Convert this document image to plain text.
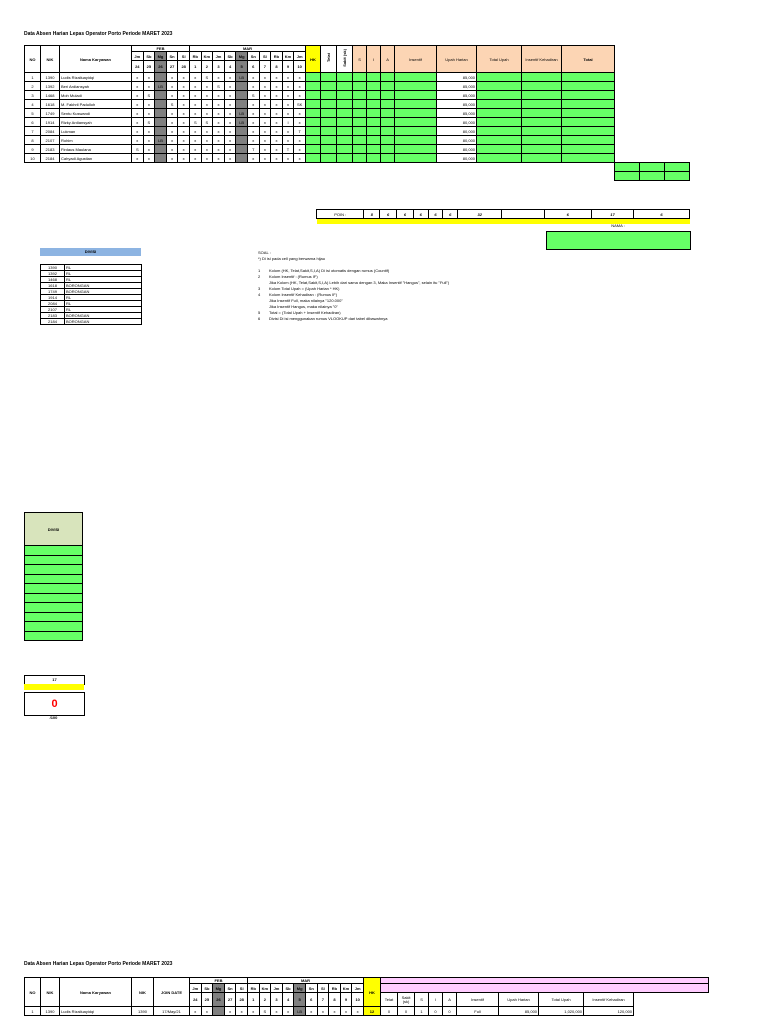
Data Absen Harian Lepas Operator Porto Periode MARET 2023
NO	NIK	Nama Karyawan	FEB					MAR										HK	Telat	Sakit (sk)	S	I	A	Insentif	Upah Harian	Total Upah	Insentif Kehadiran	Total			
			Jm	Sb	Mg	Sn	Sl	Rb	Km	Jm	Sb	Mg	Sn	Sl	Rb	Km	Jm														
			24	25	26	27	28	1	2	3	4	5	6	7	8	9	10														
1	1390	Ludis Rizaliuayidqi	x	x		x	x	x	S	x	x	LB	x	x	x	x	x								85,000						
2	1392	Beri Ardiansyah	x	x	LB	x	x	x	x	S	x		x	x	x	x	x								85,000						
3	1468	Moh Muladi	x	S		x	x	x	x	x	x		S	x	x	x	x								85,000						
4	1618	M. Fakhril Padulloh	x	x		S	x	x	x	x	x		x	x	x	x	SK								85,000						
5	1749	Sentu Kuswandi	x	x		x	x	x	x	x	x	LB	x	x	x	x	x								85,000						
6	1914	Rizky Ardiansyah	x	S		x	x	S	S	x	x	LB	x	x	x	I	x								80,000						
7	2084	Lukman	x	x		x	x	x	x	x	x		x	x	x	x	T								80,000						
8	2107	Rohim	x	x	LB	x	x	x	x	x	x		x	x	x	x	x								80,000						
9	2183	Firdaus Maulana	S	x		x	x	x	x	x	x		T	x	x	T	x								80,000						
10	2184	Cahyadi Agustian	x	x		x	x	x	x	x	x		x	x	x	x	x								80,000						

POIN :	8	6	6	6	6	6	32		6	17	6

NAMA :
DIVISI
1390	RL
1392	RL
1468	RL
1618	BORONGAN
1749	BORONGAN
1914	RL
2084	RL
2107	RL
2183	BORONGAN
2184	BORONGAN
SOAL :
*) Di isi pada cell yang berwarna hijau
1	Kolom (HK, Telat,Sakit,S,I,A) Di isi otomatis dengan rumus (Countif)
2	Kolom Insentif : (Rumus IF)
Jika Kolom (HK, Telat,Sakit,S,I,A) Lebih dari sama dengan 3, Maka Insentif "Hangus", selain itu "Full")
3	Kolom Total Upah = (Upah Harian * HK)
4	Kolom Insentif Kehadiran : (Rumus IF)
Jika Insentif Full, maka nilainya "120.000"
Jika Insentif Hangus, maka nilainya "0"
5	Total = (Total Upah + Insentif Kehadiran)
6	Divisi Di isi menggunakan rumus VLOOKUP dari tabel dibawahnya
DIVISI

17
0
/100
Data Absen Harian Lepas Operator Porto Periode MARET 2023
NO	NIK	Nama Karyawan	NIK	JOIN DATE	FEB					MAR										HK									
					Jm	Sb	Mg	Sn	Sl	Rb	Km	Jm	Sb	Mg	Sn	Sl	Rb	Km	Jm										
					24	25	26	27	28	1	2	3	4	5	6	7	8	9	10		Telat	Sakit (sk)	S	I	A	Insentif	Upah Harian	Total Upah	Insentif Kehadiran
1	1390	Ludis Rizaliuayidqi	1390	17/May/21	x	x		x	x	x	S	x	x	LB	x	x	x	x	x	12	0	0	1	0	0	Full	85,000	1,020,000	120,000
